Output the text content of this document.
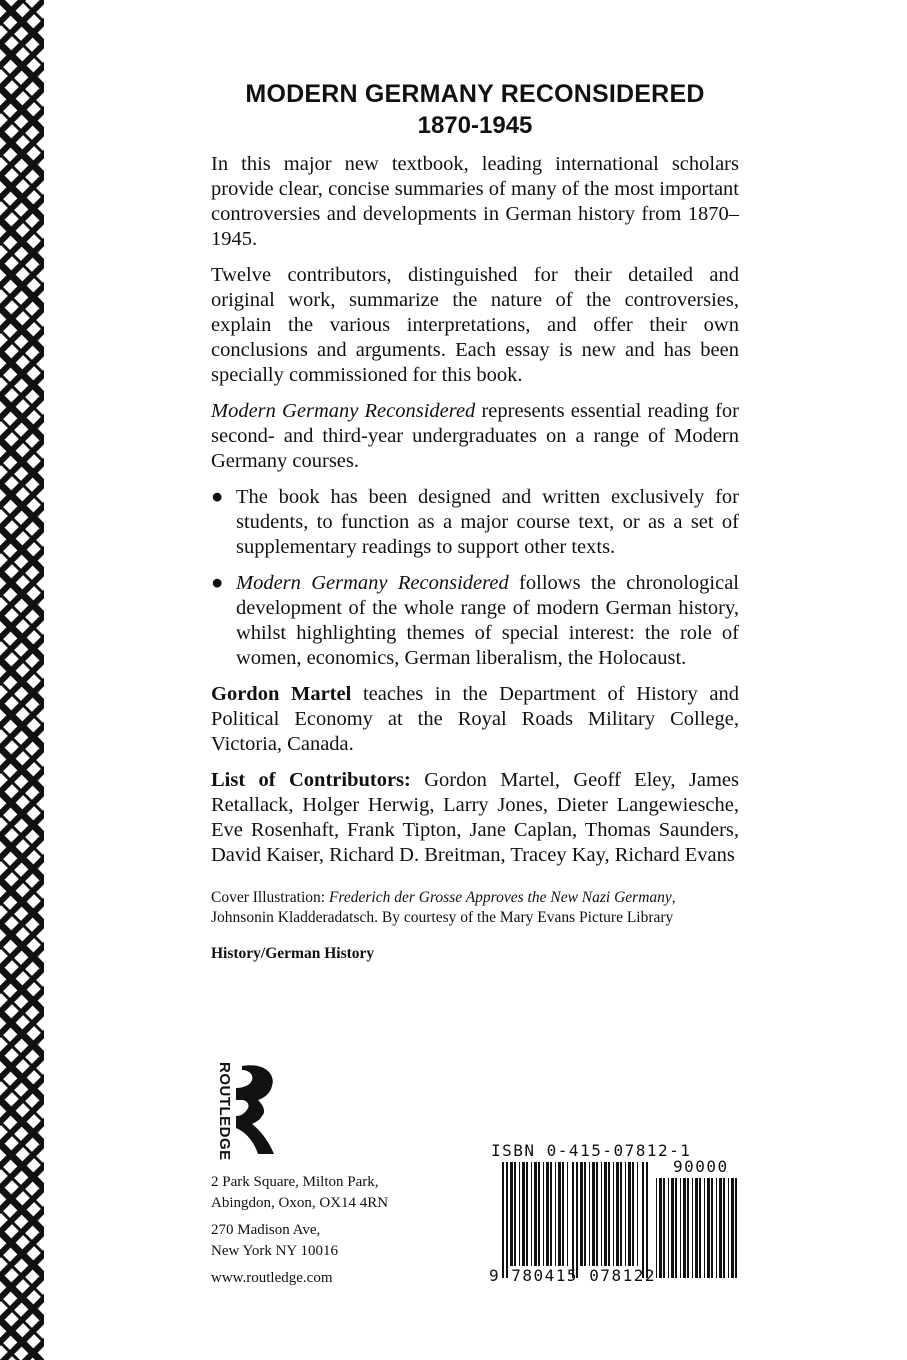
MODERN GERMANY RECONSIDERED
1870-1945

In this major new textbook, leading international scholars provide clear, concise summaries of many of the most important controversies and developments in German history from 1870–1945.

Twelve contributors, distinguished for their detailed and original work, summarize the nature of the controversies, explain the various interpretations, and offer their own conclusions and arguments. Each essay is new and has been specially commissioned for this book.

Modern Germany Reconsidered represents essential reading for second- and third-year undergraduates on a range of Modern Germany courses.

● The book has been designed and written exclusively for students, to function as a major course text, or as a set of supplementary readings to support other texts.
● Modern Germany Reconsidered follows the chronological development of the whole range of modern German history, whilst highlighting themes of special interest: the role of women, economics, German liberalism, the Holocaust.

Gordon Martel teaches in the Department of History and Political Economy at the Royal Roads Military College, Victoria, Canada.

List of Contributors: Gordon Martel, Geoff Eley, James Retallack, Holger Herwig, Larry Jones, Dieter Langewiesche, Eve Rosenhaft, Frank Tipton, Jane Caplan, Thomas Saunders, David Kaiser, Richard D. Breitman, Tracey Kay, Richard Evans

Cover Illustration: Frederich der Grosse Approves the New Nazi Germany, Johnsonin Kladderadatsch. By courtesy of the Mary Evans Picture Library

History/German History

ROUTLEDGE
2 Park Square, Milton Park,
Abingdon, Oxon, OX14 4RN
270 Madison Ave,
New York NY 10016
www.routledge.com
ISBN 0-415-07812-1
90000
9 780415 078122
